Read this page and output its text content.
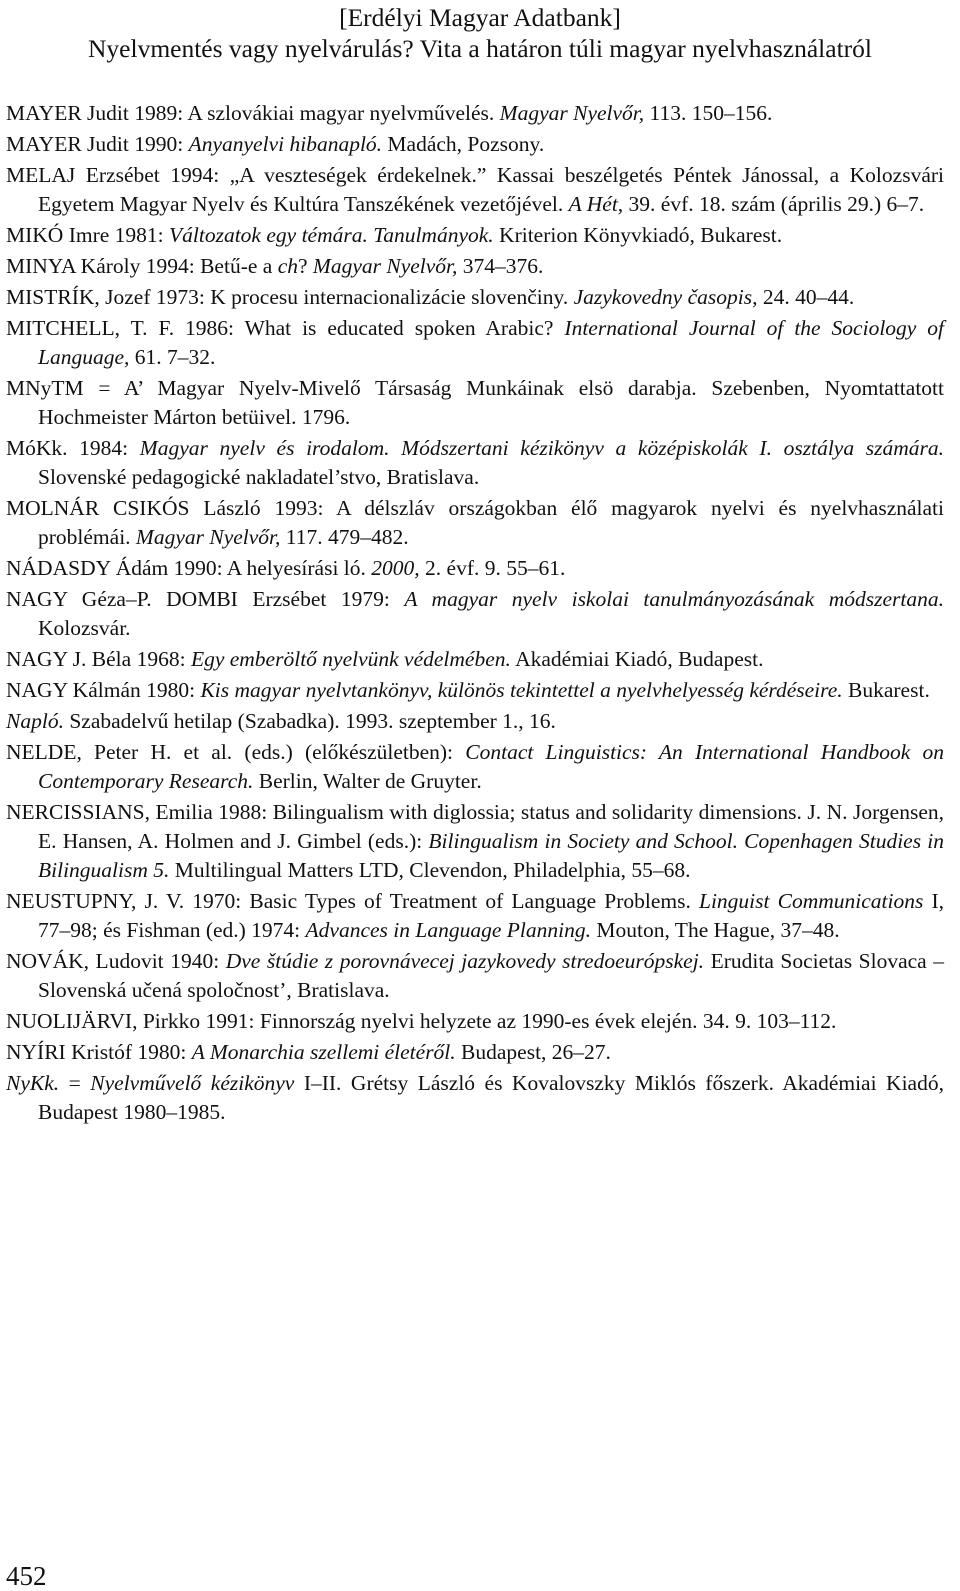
[Erdélyi Magyar Adatbank]
Nyelvmentés vagy nyelvárulás? Vita a határon túli magyar nyelvhasználatról

MAYER Judit 1989: A szlovákiai magyar nyelvművelés. Magyar Nyelvőr, 113. 150–156.

MAYER Judit 1990: Anyanyelvi hibanapló. Madách, Pozsony.

MELAJ Erzsébet 1994: „A veszteségek érdekelnek.” Kassai beszélgetés Péntek Jánossal, a Kolozsvári Egyetem Magyar Nyelv és Kultúra Tanszékének vezetőjével. A Hét, 39. évf. 18. szám (április 29.) 6–7.

MIKÓ Imre 1981: Változatok egy témára. Tanulmányok. Kriterion Könyvkiadó, Bukarest.

MINYA Károly 1994: Betű-e a ch? Magyar Nyelvőr, 374–376.

MISTRÍK, Jozef 1973: K procesu internacionalizácie slovenčiny. Jazykovedny časopis, 24. 40–44.

MITCHELL, T. F. 1986: What is educated spoken Arabic? International Journal of the Sociology of Language, 61. 7–32.

MNyTM = A’ Magyar Nyelv-Mivelő Társaság Munkáinak elsö darabja. Szebenben, Nyomtattatott Hochmeister Márton betüivel. 1796.

MóKk. 1984: Magyar nyelv és irodalom. Módszertani kézikönyv a középiskolák I. osztálya számára. Slovenské pedagogické nakladatel’stvo, Bratislava.

MOLNÁR CSIKÓS László 1993: A délszláv országokban élő magyarok nyelvi és nyelvhasználati problémái. Magyar Nyelvőr, 117. 479–482.

NÁDASDY Ádám 1990: A helyesírási ló. 2000, 2. évf. 9. 55–61.

NAGY Géza–P. DOMBI Erzsébet 1979: A magyar nyelv iskolai tanulmányozásának módszertana. Kolozsvár.

NAGY J. Béla 1968: Egy emberöltő nyelvünk védelmében. Akadémiai Kiadó, Budapest.

NAGY Kálmán 1980: Kis magyar nyelvtankönyv, különös tekintettel a nyelvhelyesség kérdéseire. Bukarest.

Napló. Szabadelvű hetilap (Szabadka). 1993. szeptember 1., 16.

NELDE, Peter H. et al. (eds.) (előkészületben): Contact Linguistics: An International Handbook on Contemporary Research. Berlin, Walter de Gruyter.

NERCISSIANS, Emilia 1988: Bilingualism with diglossia; status and solidarity dimensions. J. N. Jorgensen, E. Hansen, A. Holmen and J. Gimbel (eds.): Bilingualism in Society and School. Copenhagen Studies in Bilingualism 5. Multilingual Matters LTD, Clevendon, Philadelphia, 55–68.

NEUSTUPNY, J. V. 1970: Basic Types of Treatment of Language Problems. Linguist Communications I, 77–98; és Fishman (ed.) 1974: Advances in Language Planning. Mouton, The Hague, 37–48.

NOVÁK, Ludovit 1940: Dve štúdie z porovnávecej jazykovedy stredoeurópskej. Erudita Societas Slovaca – Slovenská učená spoločnost’, Bratislava.

NUOLIJÄRVI, Pirkko 1991: Finnország nyelvi helyzete az 1990-es évek elején. 34. 9. 103–112.

NYÍRI Kristóf 1980: A Monarchia szellemi életéről. Budapest, 26–27.

NyKk. = Nyelvművelő kézikönyv I–II. Grétsy László és Kovalovszky Miklós főszerk. Akadémiai Kiadó, Budapest 1980–1985.

452
